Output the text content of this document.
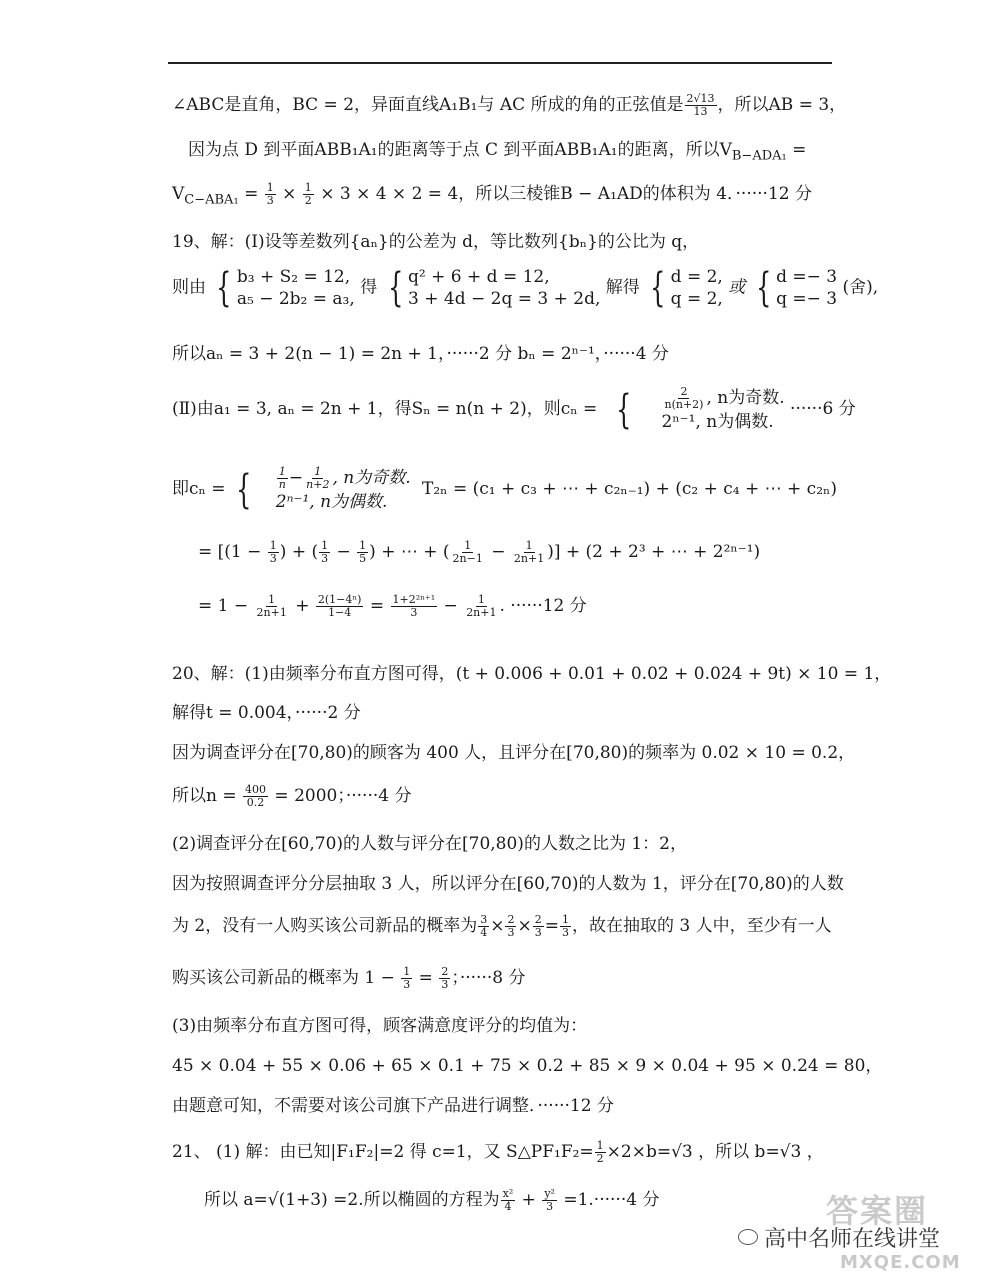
∠ABC是直角，BC = 2，异面直线A₁B₁与 AC 所成的角的正弦值是 $\frac{2√13}{13}$ ，所以AB = 3，
因为点 D 到平面ABB₁A₁的距离等于点 C 到平面ABB₁A₁的距离，所以$V_{B-ADA_1}$ =
$V_{C-ABA_1} = \frac{1}{3} \times \frac{1}{2} \times 3 \times 4 \times 2 = 4$，所以三棱锥B − A₁AD的体积为 4．······12 分
19、解：(Ⅰ)设等差数列{aₙ}的公差为 d，等比数列{bₙ}的公比为 q，
则由 { b₃ + S₂ = 12,
a₅ − 2b₂ = a₃,
得 { q² + 6 + d = 12,
3 + 4d − 2q = 3 + 2d,
解得 { d = 2,
q = 2,
或 { d =− 3
q =− 3
(舍),
所以aₙ = 3 + 2(n − 1) = 2n + 1，······2 分 bₙ = 2ⁿ⁻¹，······4 分
(Ⅱ)由a₁ = 3, aₙ = 2n + 1，得Sₙ = n(n + 2)，则cₙ = {	$\frac{2}{n(n+2)}$ , n为奇数.
2ⁿ⁻¹, n为偶数.
······6 分
即cₙ = { $\frac{1}{n} - \frac{1}{n+2}$ , n为奇数.
2ⁿ⁻¹, n为偶数.
T₂ₙ = (c₁ + c₃ + ⋯ + c₂ₙ₋₁) + (c₂ + c₄ + ⋯ + c₂ₙ)
= [($1 - \frac{1}{3}$ ) + ( $\frac{1}{3} - \frac{1}{5}$ ) + ⋯ + ( $\frac{1}{2n-1} - \frac{1}{2n+1}$ )] + (2 + 2³ + ⋯ + 2²ⁿ⁻¹)
= $1 - \frac{1}{2n+1} + \frac{\text{2(1−4ⁿ)}}{1-4} = \frac{\text{1+2²ⁿ⁺¹}}{3} - \frac{1}{2n+1}$ . ······12 分
20、解：(1)由频率分布直方图可得，(t + 0.006 + 0.01 + 0.02 + 0.024 + 9t) × 10 = 1，
解得t = 0.004，······2 分
因为调查评分在[70,80)的顾客为 400 人，且评分在[70,80)的频率为 0.02 × 10 = 0.2，
所以$n = \frac{400}{0.2} = 2000$；······4 分
(2)调查评分在[60,70)的人数与评分在[70,80)的人数之比为 1：2，
因为按照调查评分分层抽取 3 人，所以评分在[60,70)的人数为 1，评分在[70,80)的人数
为 2，没有一人购买该公司新品的概率为 $\frac{3}{4} \times \frac{2}{3} \times \frac{2}{3} = \frac{1}{3}$ ，故在抽取的 3 人中，至少有一人
购买该公司新品的概率为 $1 - \frac{1}{3} = \frac{2}{3}$ ；······8 分
(3)由频率分布直方图可得，顾客满意度评分的均值为：
45 × 0.04 + 55 × 0.06 + 65 × 0.1 + 75 × 0.2 + 85 × 9 × 0.04 + 95 × 0.24 = 80，
由题意可知，不需要对该公司旗下产品进行调整．······12 分
21、 (1) 解：由已知|F₁F₂|=2 得 c=1，又 S△PF₁F₂= $\frac{1}{2} \times 2\times b=√3$ ，所以 b=√3 ，
所以 a=√(1+3) =2.所以椭圆的方程为 $\frac{\text{x²}}{4} + \frac{\text{y²}}{3} =1.\cdot\cdot\cdot\cdot\cdot\cdot 4$ 分	答案圈
高中名师在线讲堂
MXQE.COM
